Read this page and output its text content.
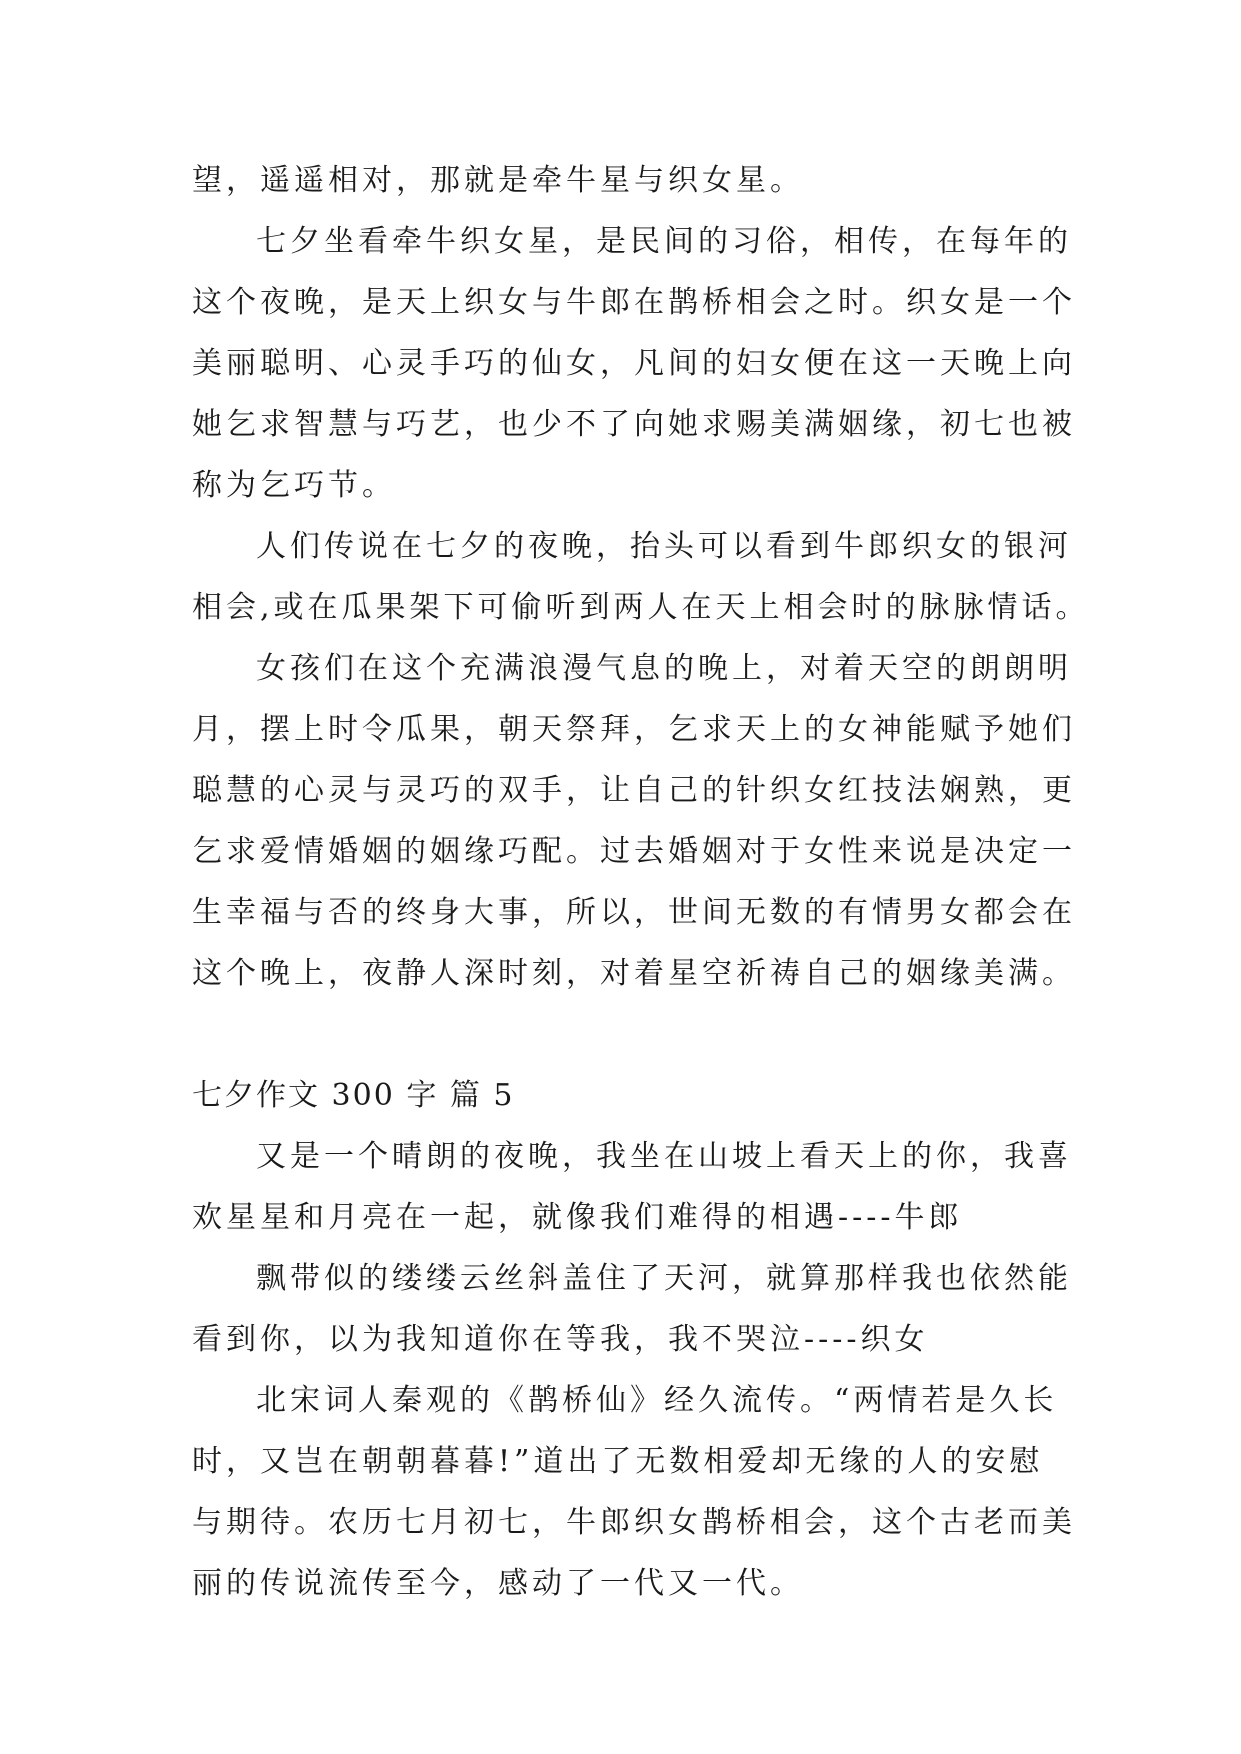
望，遥遥相对，那就是牵牛星与织女星。
七夕坐看牵牛织女星，是民间的习俗，相传，在每年的
这个夜晚，是天上织女与牛郎在鹊桥相会之时。织女是一个
美丽聪明、心灵手巧的仙女，凡间的妇女便在这一天晚上向
她乞求智慧与巧艺，也少不了向她求赐美满姻缘，初七也被
称为乞巧节。
人们传说在七夕的夜晚，抬头可以看到牛郎织女的银河
相会,或在瓜果架下可偷听到两人在天上相会时的脉脉情话。
女孩们在这个充满浪漫气息的晚上，对着天空的朗朗明
月，摆上时令瓜果，朝天祭拜，乞求天上的女神能赋予她们
聪慧的心灵与灵巧的双手，让自己的针织女红技法娴熟，更
乞求爱情婚姻的姻缘巧配。过去婚姻对于女性来说是决定一
生幸福与否的终身大事，所以，世间无数的有情男女都会在
这个晚上，夜静人深时刻，对着星空祈祷自己的姻缘美满。
七夕作文 300 字 篇 5
又是一个晴朗的夜晚，我坐在山坡上看天上的你，我喜
欢星星和月亮在一起，就像我们难得的相遇----牛郎
飘带似的缕缕云丝斜盖住了天河，就算那样我也依然能
看到你，以为我知道你在等我，我不哭泣----织女
北宋词人秦观的《鹊桥仙》经久流传。“两情若是久长
时，又岂在朝朝暮暮!”道出了无数相爱却无缘的人的安慰
与期待。农历七月初七，牛郎织女鹊桥相会，这个古老而美
丽的传说流传至今，感动了一代又一代。
